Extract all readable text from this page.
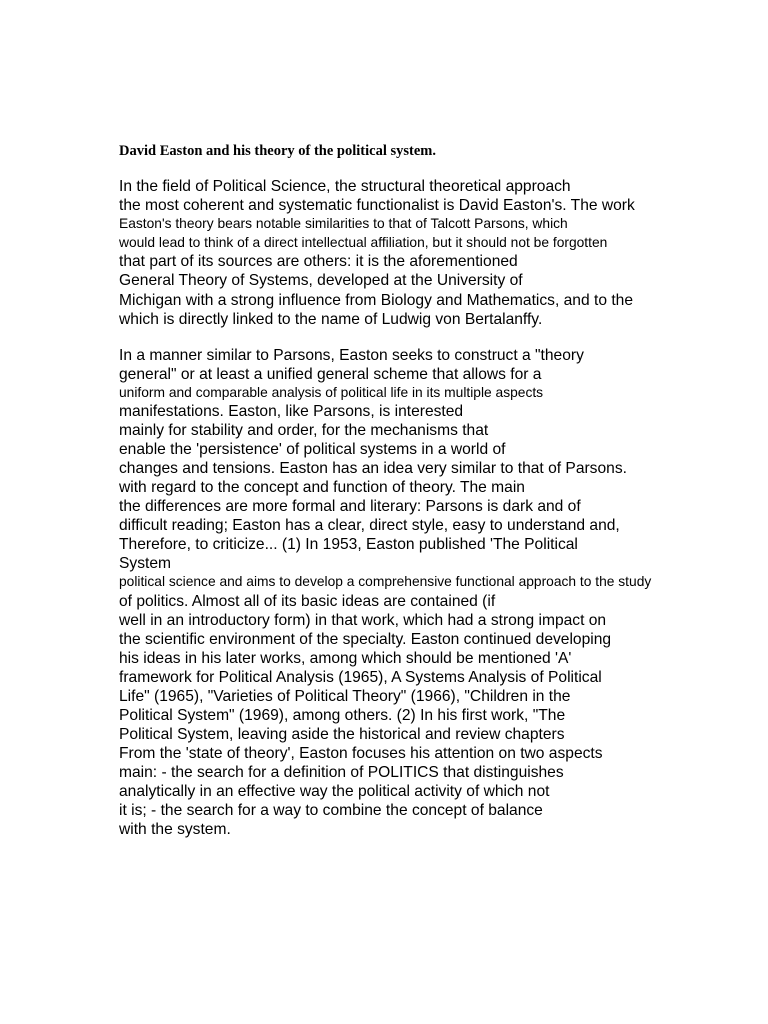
David Easton and his theory of the political system.
In the field of Political Science, the structural theoretical approach
the most coherent and systematic functionalist is David Easton's. The work
Easton's theory bears notable similarities to that of Talcott Parsons, which
would lead to think of a direct intellectual affiliation, but it should not be forgotten
that part of its sources are others: it is the aforementioned
General Theory of Systems, developed at the University of
Michigan with a strong influence from Biology and Mathematics, and to the
which is directly linked to the name of Ludwig von Bertalanffy.
In a manner similar to Parsons, Easton seeks to construct a "theory
general" or at least a unified general scheme that allows for a
uniform and comparable analysis of political life in its multiple aspects
manifestations. Easton, like Parsons, is interested
mainly for stability and order, for the mechanisms that
enable the 'persistence' of political systems in a world of
changes and tensions. Easton has an idea very similar to that of Parsons.
with regard to the concept and function of theory. The main
the differences are more formal and literary: Parsons is dark and of
difficult reading; Easton has a clear, direct style, easy to understand and,
Therefore, to criticize... (1) In 1953, Easton published 'The Political
System
political science and aims to develop a comprehensive functional approach to the study
of politics. Almost all of its basic ideas are contained (if
well in an introductory form) in that work, which had a strong impact on
the scientific environment of the specialty. Easton continued developing
his ideas in his later works, among which should be mentioned 'A'
framework for Political Analysis (1965), A Systems Analysis of Political
Life" (1965), "Varieties of Political Theory" (1966), "Children in the
Political System" (1969), among others. (2) In his first work, "The
Political System, leaving aside the historical and review chapters
From the 'state of theory', Easton focuses his attention on two aspects
main: - the search for a definition of POLITICS that distinguishes
analytically in an effective way the political activity of which not
it is; - the search for a way to combine the concept of balance
with the system.
